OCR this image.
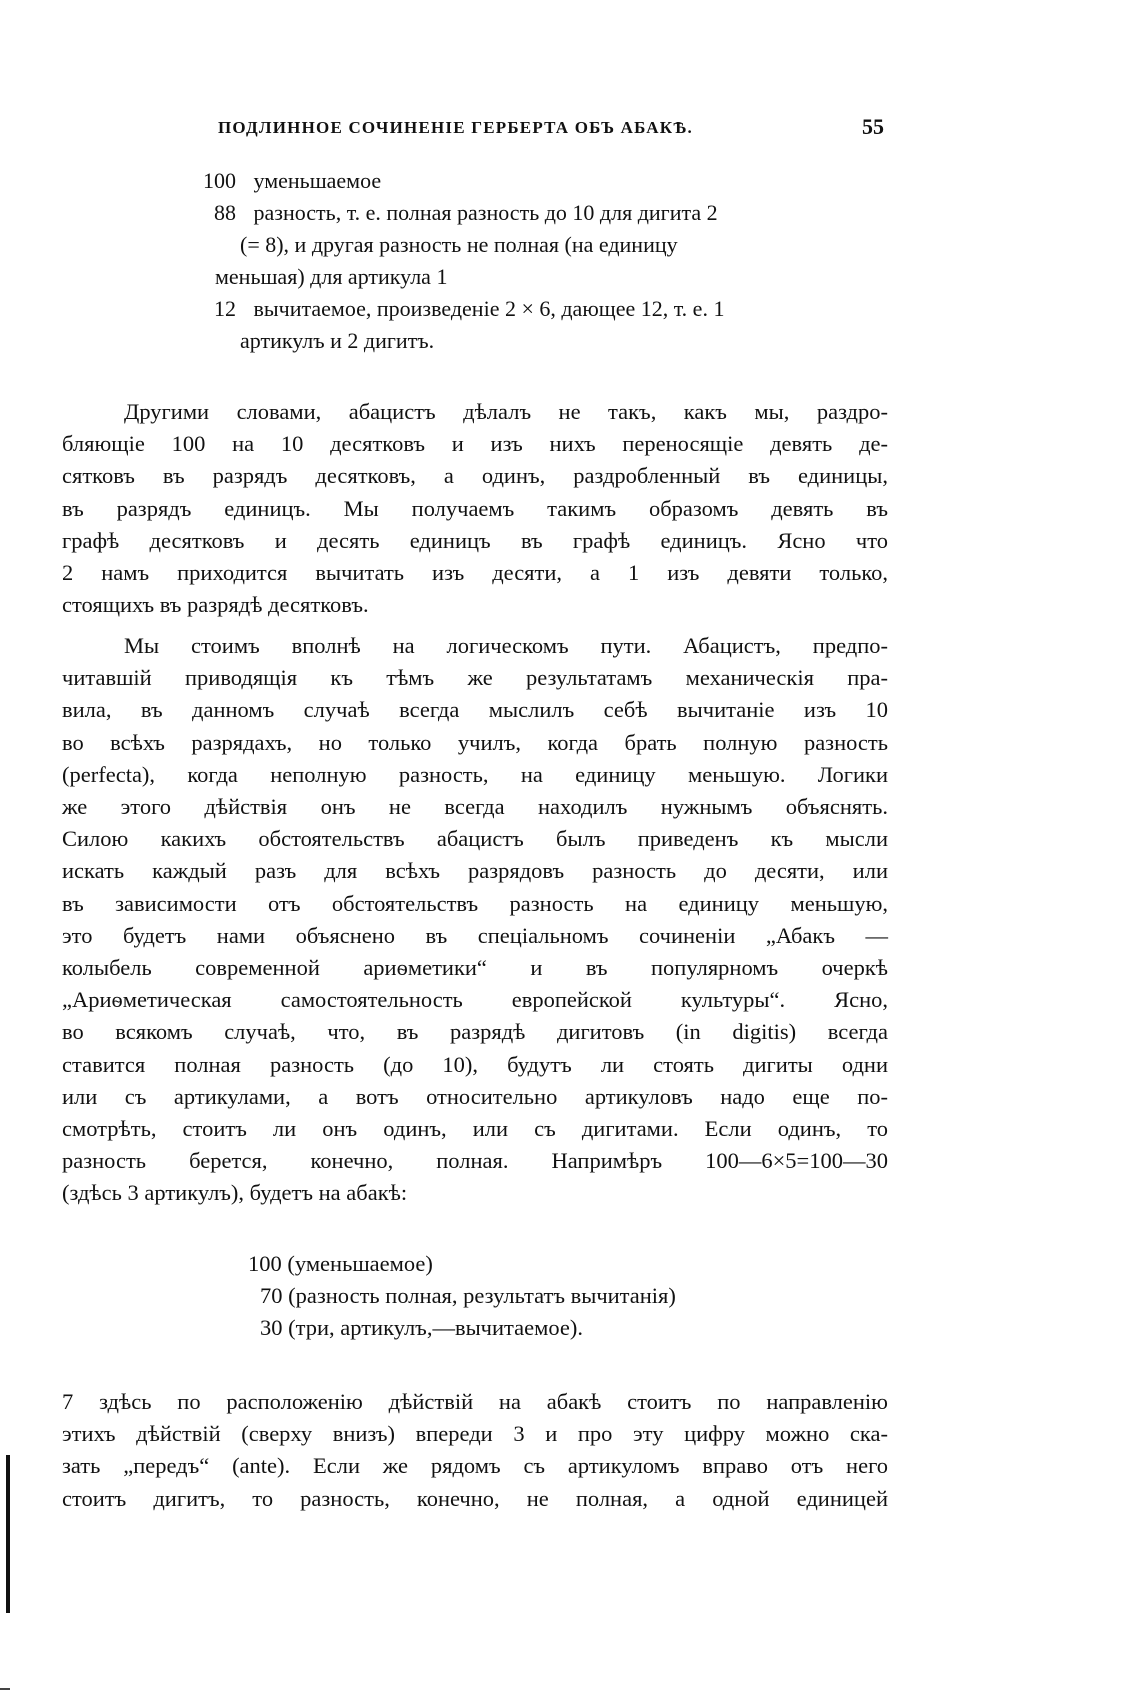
ПОДЛИННОЕ СОЧИНЕНІЕ ГЕРБЕРТА ОБЪ АБАКѢ.	55
100 уменьшаемое
88 разность, т. е. полная разность до 10 для дигита 2
(= 8), и другая разность не полная (на единицу
меньшая) для артикула 1
12 вычитаемое, произведеніе 2 × 6, дающее 12, т. е. 1
артикулъ и 2 дигитъ.
Другими словами, абацистъ дѣлалъ не такъ, какъ мы, раздро-
бляющіе 100 на 10 десятковъ и изъ нихъ переносящіе девять де-
сятковъ въ разрядъ десятковъ, а одинъ, раздробленный въ единицы,
въ разрядъ единицъ. Мы получаемъ такимъ образомъ девять въ
графѣ десятковъ и десять единицъ въ графѣ единицъ. Ясно что
2 намъ приходится вычитать изъ десяти, а 1 изъ девяти только,
стоящихъ въ разрядѣ десятковъ.
Мы стоимъ вполнѣ на логическомъ пути. Абацистъ, предпо-
читавшій приводящія къ тѣмъ же результатамъ механическія пра-
вила, въ данномъ случаѣ всегда мыслилъ себѣ вычитаніе изъ 10
во всѣхъ разрядахъ, но только училъ, когда брать полную разность
(perfecta), когда неполную разность, на единицу меньшую. Логики
же этого дѣйствія онъ не всегда находилъ нужнымъ объяснять.
Силою какихъ обстоятельствъ абацистъ былъ приведенъ къ мысли
искать каждый разъ для всѣхъ разрядовъ разность до десяти, или
въ зависимости отъ обстоятельствъ разность на единицу меньшую,
это будетъ нами объяснено въ спеціальномъ сочиненіи „Абакъ —
колыбель современной ариѳметики“ и въ популярномъ очеркѣ
„Ариѳметическая самостоятельность европейской культуры“. Ясно,
во всякомъ случаѣ, что, въ разрядѣ дигитовъ (in digitis) всегда
ставится полная разность (до 10), будутъ ли стоять дигиты одни
или съ артикулами, а вотъ относительно артикуловъ надо еще по-
смотрѣть, стоитъ ли онъ одинъ, или съ дигитами. Если одинъ, то
разность берется, конечно, полная. Напримѣръ 100—6×5=100—30
(здѣсь 3 артикулъ), будетъ на абакѣ:
100 (уменьшаемое)
70 (разность полная, результатъ вычитанія)
30 (три, артикулъ,—вычитаемое).
7 здѣсь по расположенію дѣйствій на абакѣ стоитъ по направленію
этихъ дѣйствій (сверху внизъ) впереди 3 и про эту цифру можно ска-
зать „передъ“ (ante). Если же рядомъ съ артикуломъ вправо отъ него
стоитъ дигитъ, то разность, конечно, не полная, а одной единицей
